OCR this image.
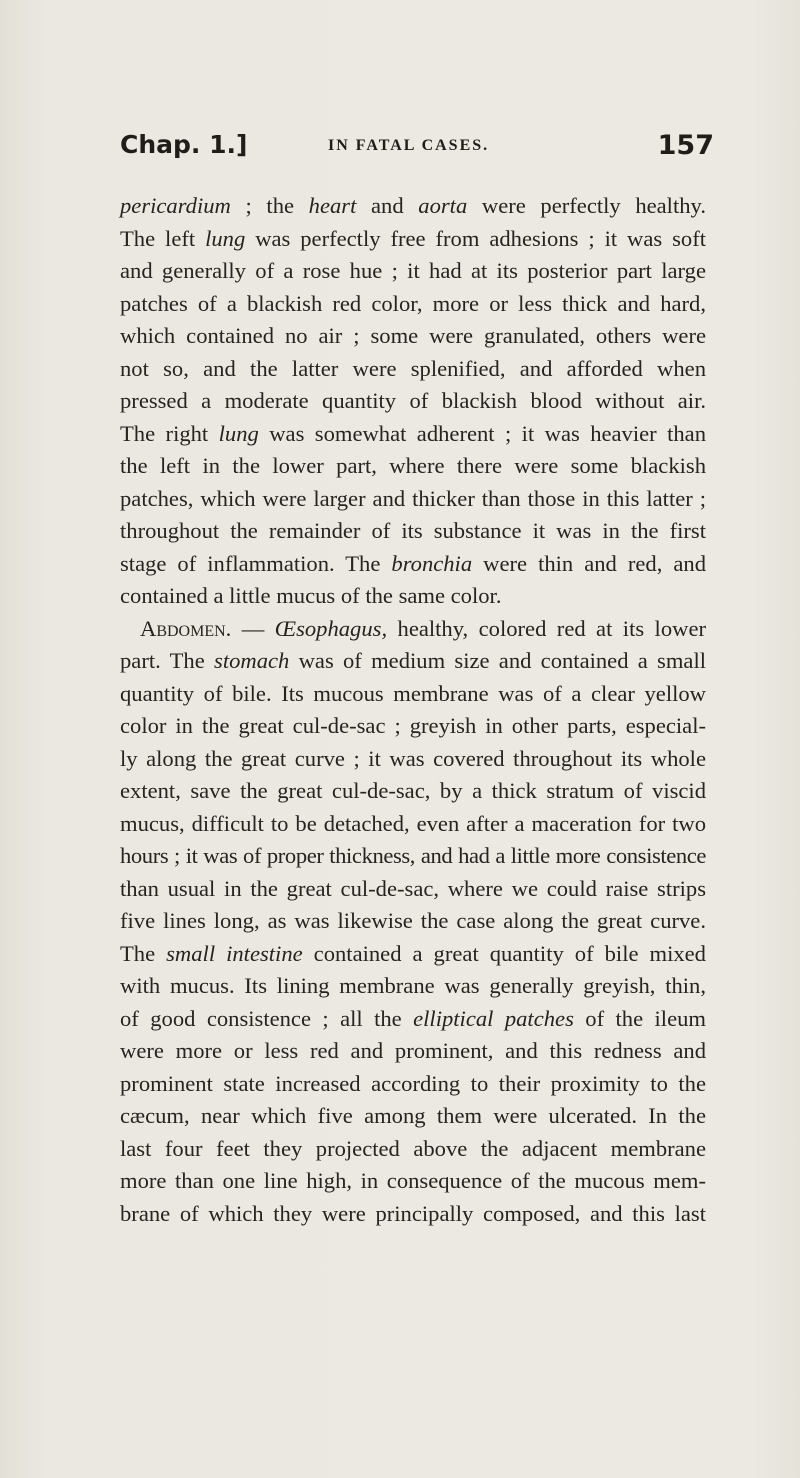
Chap. 1.]	IN FATAL CASES.	157
pericardium ; the heart and aorta were perfectly healthy.
The left lung was perfectly free from adhesions ; it was soft
and generally of a rose hue ; it had at its posterior part large
patches of a blackish red color, more or less thick and hard,
which contained no air ; some were granulated, others were
not so, and the latter were splenified, and afforded when
pressed a moderate quantity of blackish blood without air.
The right lung was somewhat adherent ; it was heavier than
the left in the lower part, where there were some blackish
patches, which were larger and thicker than those in this latter ;
throughout the remainder of its substance it was in the first
stage of inflammation. The bronchia were thin and red, and
contained a little mucus of the same color.
Abdomen. — Œsophagus, healthy, colored red at its lower
part. The stomach was of medium size and contained a small
quantity of bile. Its mucous membrane was of a clear yellow
color in the great cul-de-sac ; greyish in other parts, especial-
ly along the great curve ; it was covered throughout its whole
extent, save the great cul-de-sac, by a thick stratum of viscid
mucus, difficult to be detached, even after a maceration for two
hours ; it was of proper thickness, and had a little more consistence
than usual in the great cul-de-sac, where we could raise strips
five lines long, as was likewise the case along the great curve.
The small intestine contained a great quantity of bile mixed
with mucus. Its lining membrane was generally greyish, thin,
of good consistence ; all the elliptical patches of the ileum
were more or less red and prominent, and this redness and
prominent state increased according to their proximity to the
cæcum, near which five among them were ulcerated. In the
last four feet they projected above the adjacent membrane
more than one line high, in consequence of the mucous mem-
brane of which they were principally composed, and this last
